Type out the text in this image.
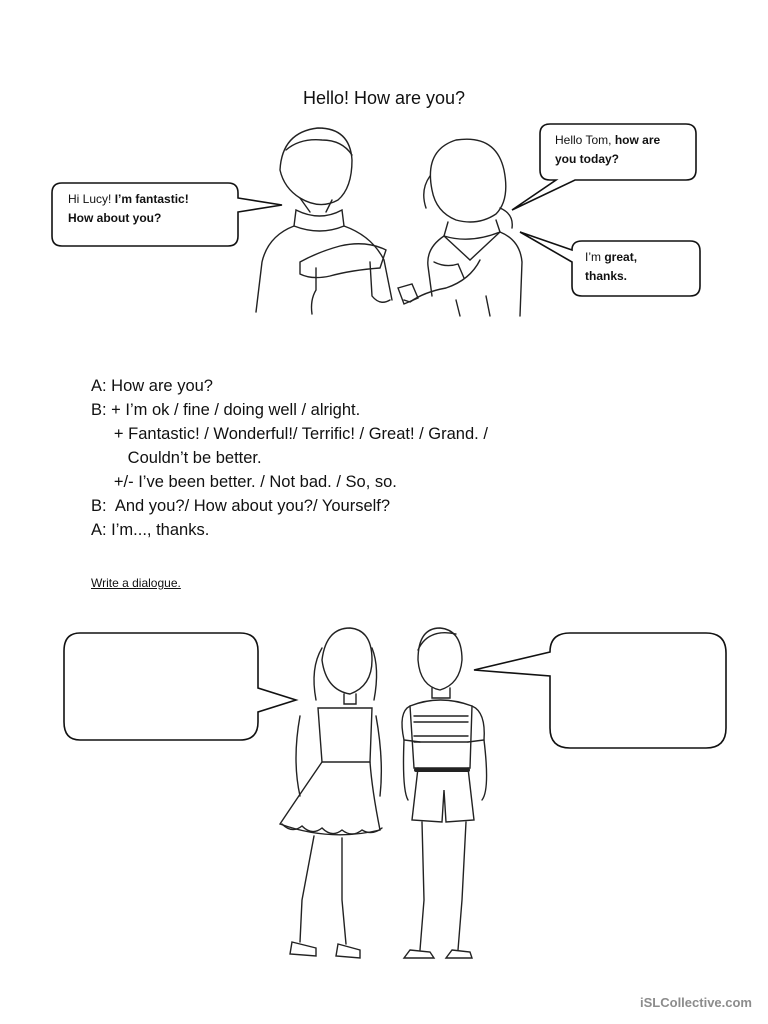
Hello! How are you?
Hi Lucy! I’m fantastic!
How about you?
Hello Tom, how are
you today?
I’m great,
thanks.
A: How are you?
B: + I’m ok / fine / doing well / alright.
+ Fantastic! / Wonderful!/ Terrific! / Great! / Grand. /
Couldn’t be better.
+/- I’ve been better. / Not bad. / So, so.
B:  And you?/ How about you?/ Yourself?
A: I’m..., thanks.
Write a dialogue.
iSLCollective.com
